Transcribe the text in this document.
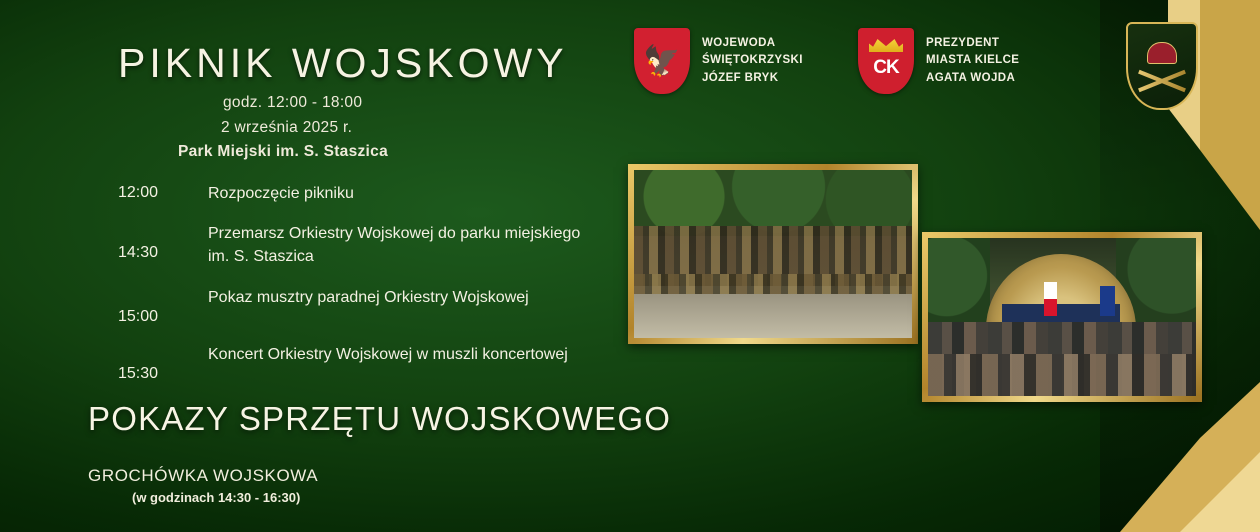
PIKNIK WOJSKOWY
godz. 12:00 - 18:00
2 września 2025 r.
Park Miejski im. S. Staszica
12:00	Rozpoczęcie pikniku
14:30
Przemarsz Orkiestry Wojskowej do parku miejskiego im. S. Staszica
15:00
Pokaz musztry paradnej Orkiestry Wojskowej
15:30
Koncert Orkiestry Wojskowej w muszli koncertowej
POKAZY SPRZĘTU WOJSKOWEGO
GROCHÓWKA WOJSKOWA
(w godzinach 14:30 - 16:30)
🦅
WOJEWODA
ŚWIĘTOKRZYSKI
JÓZEF BRYK	CK
PREZYDENT
MIASTA KIELCE
AGATA WOJDA
